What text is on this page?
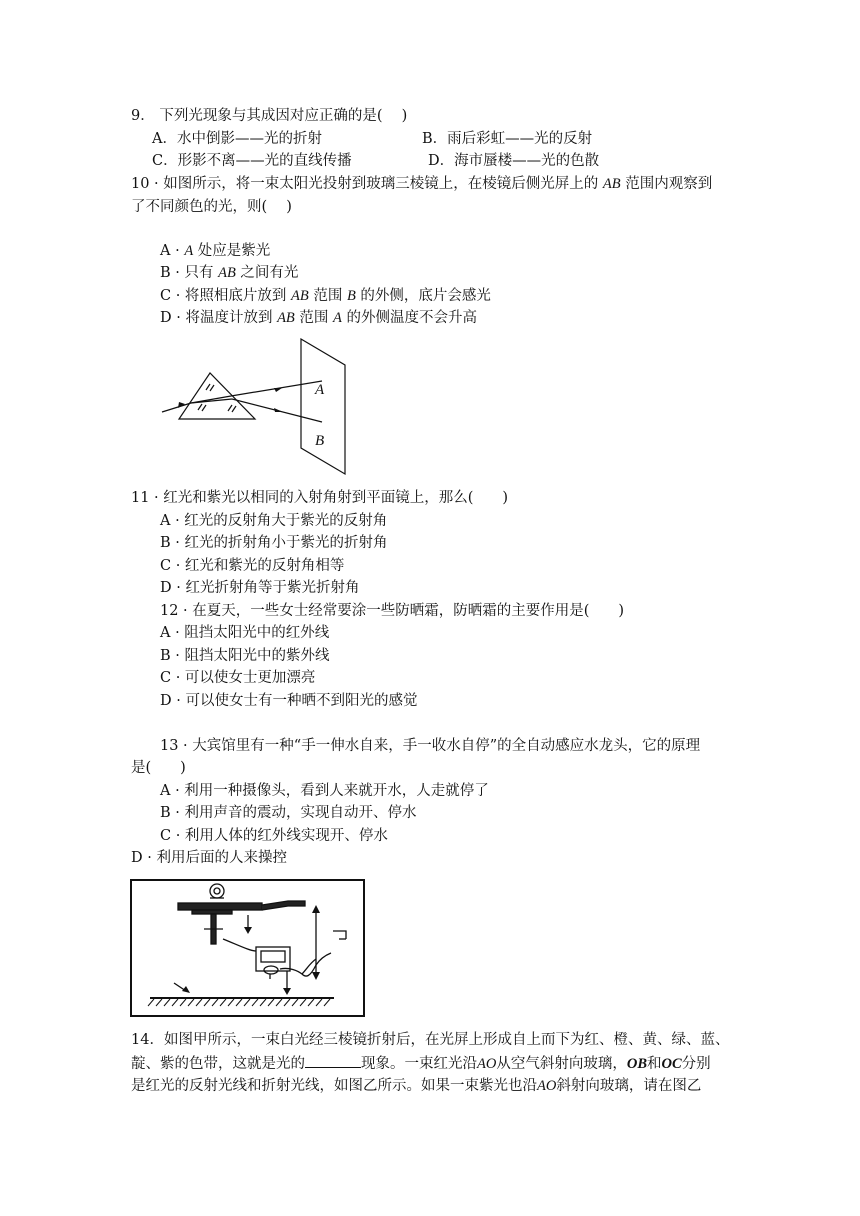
9． 下列光现象与其成因对应正确的是(　 )
A．水中倒影——光的折射	B．雨后彩虹——光的反射
C．形影不离——光的直线传播	D．海市蜃楼——光的色散
10 · 如图所示，将一束太阳光投射到玻璃三棱镜上，在棱镜后侧光屏上的 AB 范围内观察到
了不同颜色的光，则(　 )
A · A 处应是紫光
B · 只有 AB 之间有光
C · 将照相底片放到 AB 范围 B 的外侧，底片会感光
D · 将温度计放到 AB 范围 A 的外侧温度不会升高
A
B
11 · 红光和紫光以相同的入射角射到平面镜上，那么(　　)
A · 红光的反射角大于紫光的反射角
B · 红光的折射角小于紫光的折射角
C · 红光和紫光的反射角相等
D · 红光折射角等于紫光折射角
12 · 在夏天，一些女士经常要涂一些防晒霜，防晒霜的主要作用是(　　)
A · 阻挡太阳光中的红外线
B · 阻挡太阳光中的紫外线
C · 可以使女士更加漂亮
D · 可以使女士有一种晒不到阳光的感觉
13 · 大宾馆里有一种“手一伸水自来，手一收水自停”的全自动感应水龙头，它的原理
是(　　)
A · 利用一种摄像头，看到人来就开水，人走就停了
B · 利用声音的震动，实现自动开、停水
C · 利用人体的红外线实现开、停水
D · 利用后面的人来操控
14．如图甲所示，一束白光经三棱镜折射后，在光屏上形成自上而下为红、橙、黄、绿、蓝、
靛、紫的色带，这就是光的	现象。一束红光沿AO从空气斜射向玻璃，OB和OC分别
是红光的反射光线和折射光线，如图乙所示。如果一束紫光也沿AO斜射向玻璃，请在图乙
